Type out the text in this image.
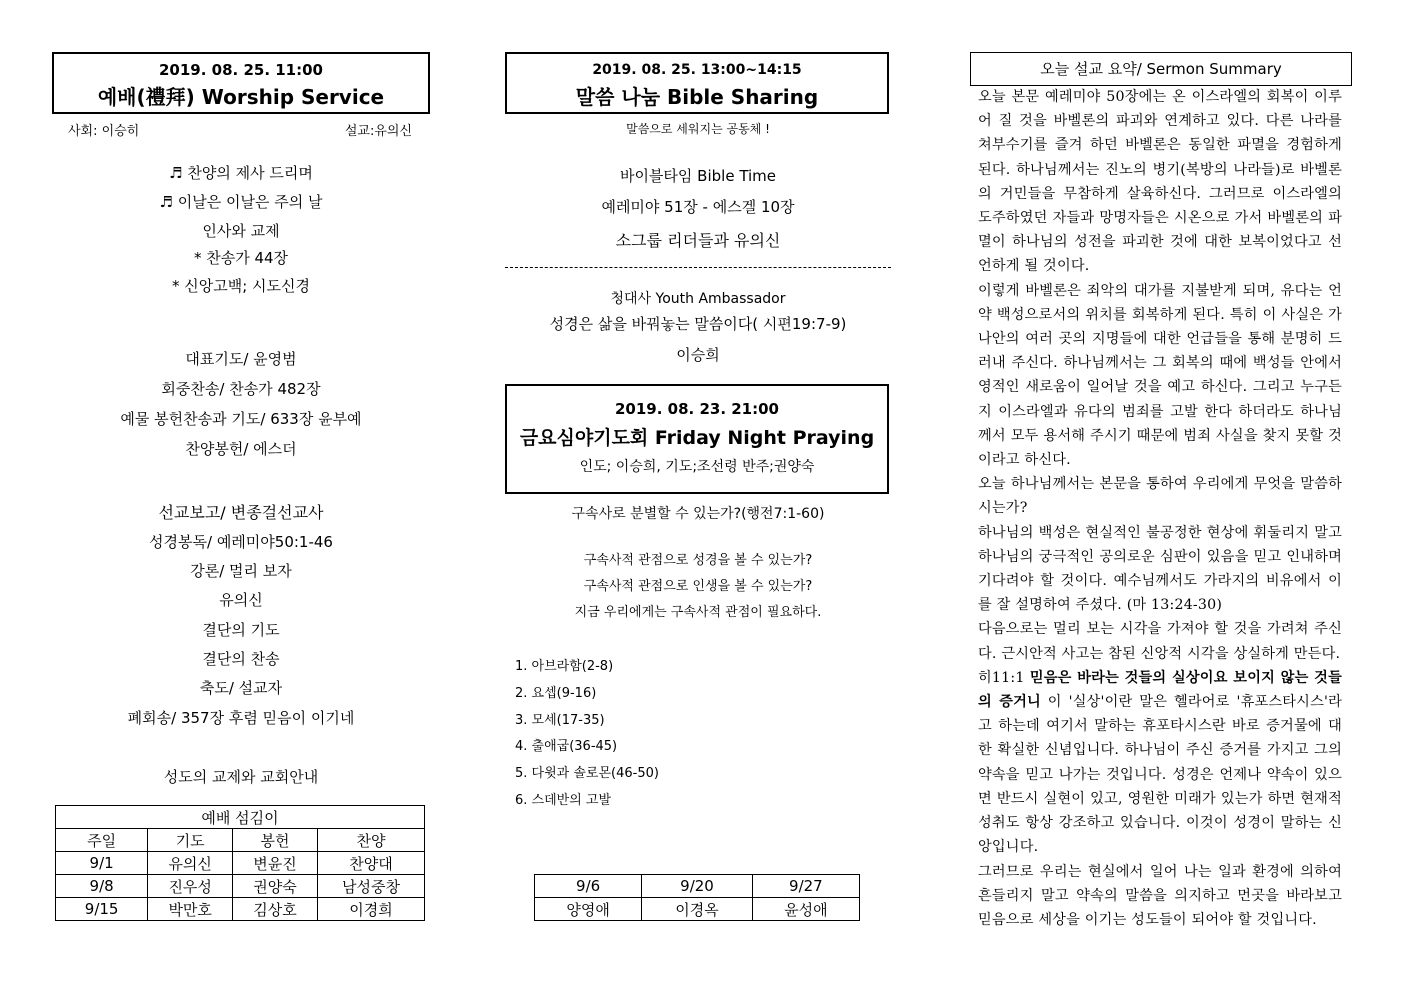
2019. 08. 25. 11:00
예배(禮拜) Worship Service
사회: 이승히	설교:유의신
♬ 찬양의 제사 드리며
♬ 이날은 이날은 주의 날
인사와 교제
* 찬송가 44장
* 신앙고백; 시도신경
대표기도/ 윤영범
회중찬송/ 찬송가 482장
예물 봉헌찬송과 기도/ 633장 윤부예
찬양봉헌/ 에스더
선교보고/ 변종걸선교사
성경봉독/ 예레미야50:1-46
강론/ 멀리 보자
유의신
결단의 기도
결단의 찬송
축도/ 설교자
폐회송/ 357장 후렴 믿음이 이기네
성도의 교제와 교회안내
예배 섬김이			
주일	기도	봉헌	찬양
9/1	유의신	변윤진	찬양대
9/8	진우성	권양숙	남성중창
9/15	박만호	김상호	이경희
2019. 08. 25. 13:00~14:15
말씀 나눔 Bible Sharing
말씀으로 세워지는 공동체 !
바이블타임 Bible Time
예레미야 51장 - 에스겔 10장
소그룹 리더들과 유의신
청대사 Youth Ambassador
성경은 삶을 바꿔놓는 말씀이다( 시편19:7-9)
이승희
2019. 08. 23. 21:00
금요심야기도회 Friday Night Praying
인도; 이승희, 기도;조선령 반주;권양숙
구속사로 분별할 수 있는가?(행전7:1-60)
구속사적 관점으로 성경을 볼 수 있는가?
구속사적 관점으로 인생을 볼 수 있는가?
지금 우리에게는 구속사적 관점이 필요하다.
1. 아브라함(2-8)
2. 요셉(9-16)
3. 모세(17-35)
4. 출애굽(36-45)
5. 다윗과 솔로몬(46-50)
6. 스데반의 고발
9/6	9/20	9/27
양영애	이경옥	윤성애
오늘 설교 요약/ Sermon Summary

오늘 본문 예레미야 50장에는 온 이스라엘의 회복이 이루어 질 것을 바벨론의 파괴와 연계하고 있다. 다른 나라를 쳐부수기를 즐겨 하던 바벨론은 동일한 파멸을 경험하게 된다. 하나님께서는 진노의 병기(복방의 나라들)로 바벨론의 거민들을 무참하게 살육하신다. 그러므로 이스라엘의 도주하였던 자들과 망명자들은 시온으로 가서 바벨론의 파멸이 하나님의 성전을 파괴한 것에 대한 보복이었다고 선언하게 될 것이다.

이렇게 바벨론은 죄악의 대가를 지불받게 되며, 유다는 언약 백성으로서의 위치를 회복하게 된다. 특히 이 사실은 가나안의 여러 곳의 지명들에 대한 언급들을 통해 분명히 드러내 주신다. 하나님께서는 그 회복의 때에 백성들 안에서 영적인 새로움이 일어날 것을 예고 하신다. 그리고 누구든지 이스라엘과 유다의 범죄를 고발 한다 하더라도 하나님께서 모두 용서해 주시기 때문에 범죄 사실을 찾지 못할 것이라고 하신다.

오늘 하나님께서는 본문을 통하여 우리에게 무엇을 말씀하시는가?

하나님의 백성은 현실적인 불공정한 현상에 휘둘리지 말고 하나님의 궁극적인 공의로운 심판이 있음을 믿고 인내하며 기다려야 할 것이다. 예수님께서도 가라지의 비유에서 이를 잘 설명하여 주셨다. (마 13:24-30)

다음으로는 멀리 보는 시각을 가져야 할 것을 가려쳐 주신다. 근시안적 사고는 참된 신앙적 시각을 상실하게 만든다.

히11:1 믿음은 바라는 것들의 실상이요 보이지 않는 것들의 증거니 이 '실상'이란 말은 헬라어로 '휴포스타시스'라고 하는데 여기서 말하는 휴포타시스란 바로 증거물에 대한 확실한 신념입니다. 하나님이 주신 증거를 가지고 그의 약속을 믿고 나가는 것입니다. 성경은 언제나 약속이 있으면 반드시 실현이 있고, 영원한 미래가 있는가 하면 현재적 성취도 항상 강조하고 있습니다. 이것이 성경이 말하는 신앙입니다.

그러므로 우리는 현실에서 일어 나는 일과 환경에 의하여 흔들리지 말고 약속의 말씀을 의지하고 먼곳을 바라보고 믿음으로 세상을 이기는 성도들이 되어야 할 것입니다.
